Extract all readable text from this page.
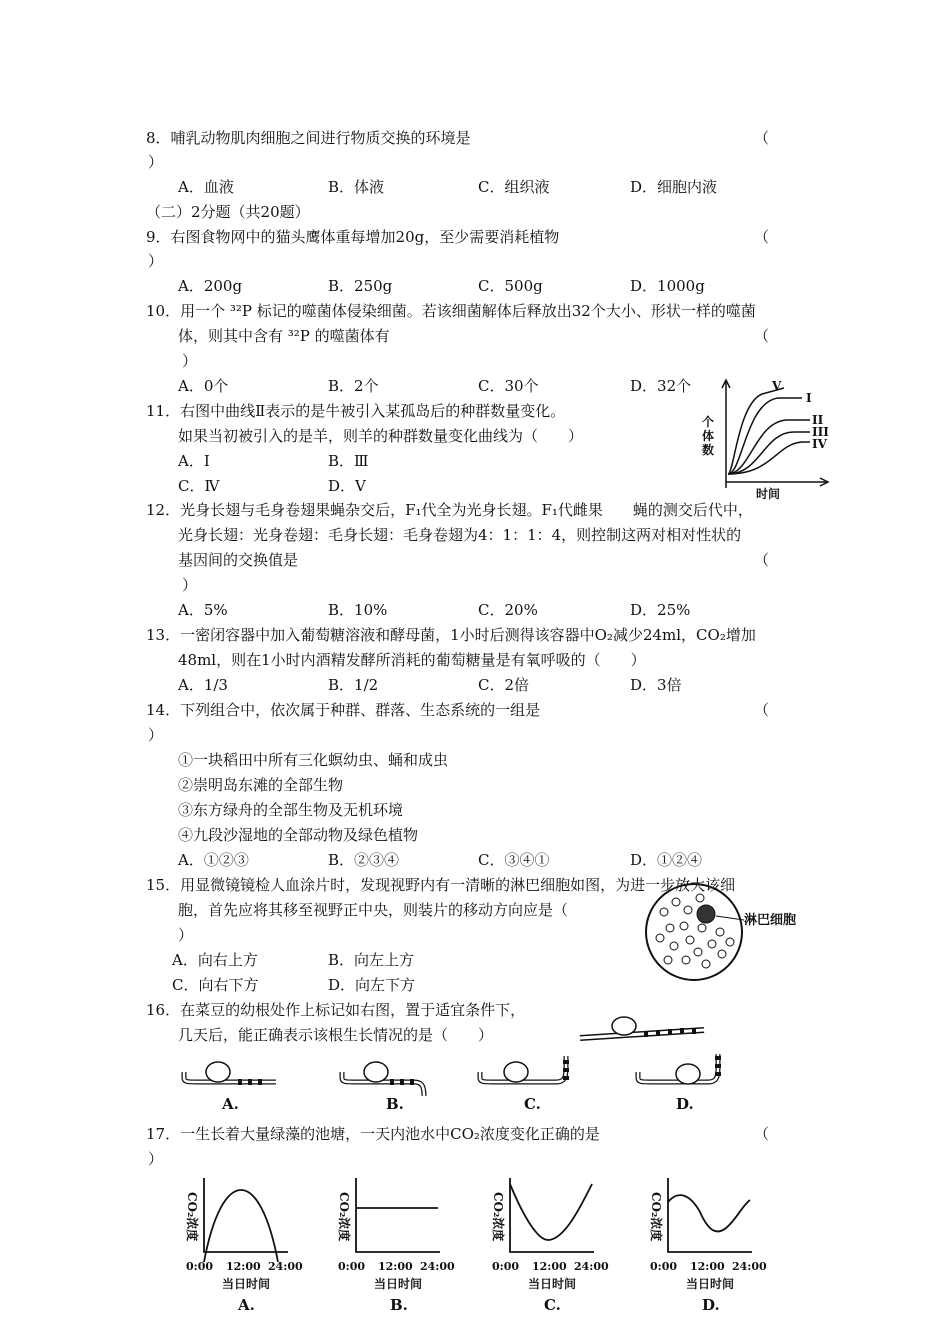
8．哺乳动物肌肉细胞之间进行物质交换的环境是	（
）
A．血液	B．体液	C．组织液	D．细胞内液
（二）2分题（共20题）
9．右图食物网中的猫头鹰体重每增加20g，至少需要消耗植物	（
）
A．200g	B．250g	C．500g	D．1000g
10．用一个 ³²P 标记的噬菌体侵染细菌。若该细菌解体后释放出32个大小、形状一样的噬菌
体，则其中含有 ³²P 的噬菌体有	（
）
A．0个	B．2个	C．30个	D．32个
11．右图中曲线Ⅱ表示的是牛被引入某孤岛后的种群数量变化。
如果当初被引入的是羊，则羊的种群数量变化曲线为（　　）
A．Ⅰ	B．Ⅲ
C．Ⅳ	D．Ⅴ
个
体
数
时间
V
I
II
III
IV
12．光身长翅与毛身卷翅果蝇杂交后，F₁代全为光身长翅。F₁代雌果　　蝇的测交后代中，
光身长翅：光身卷翅：毛身长翅：毛身卷翅为4：1：1：4，则控制这两对相对性状的
基因间的交换值是	（
）
A．5%	B．10%	C．20%	D．25%
13．一密闭容器中加入葡萄糖溶液和酵母菌，1小时后测得该容器中O₂减少24ml，CO₂增加
48ml，则在1小时内酒精发酵所消耗的葡萄糖量是有氧呼吸的（　　）
A．1/3	B．1/2	C．2倍	D．3倍
14．下列组合中，依次属于种群、群落、生态系统的一组是	（
）
①一块稻田中所有三化螟幼虫、蛹和成虫
②崇明岛东滩的全部生物
③东方绿舟的全部生物及无机环境
④九段沙湿地的全部动物及绿色植物
A．①②③	B．②③④	C．③④①	D．①②④
15．用显微镜镜检人血涂片时，发现视野内有一清晰的淋巴细胞如图，为进一步放大该细
胞，首先应将其移至视野正中央，则装片的移动方向应是（
）
A．向右上方	B．向左上方
C．向右下方	D．向左下方
淋巴细胞
16．在菜豆的幼根处作上标记如右图，置于适宜条件下，
几天后，能正确表示该根生长情况的是（　　）
A.	B.	C.	D.
17．一生长着大量绿藻的池塘，一天内池水中CO₂浓度变化正确的是	（
）
CO₂浓度
0:00 12:00 24:00
当日时间
A.
CO₂浓度
0:00 12:00 24:00
当日时间
B.
CO₂浓度
0:00 12:00 24:00
当日时间
C.
CO₂浓度
0:00 12:00 24:00
当日时间
D.
